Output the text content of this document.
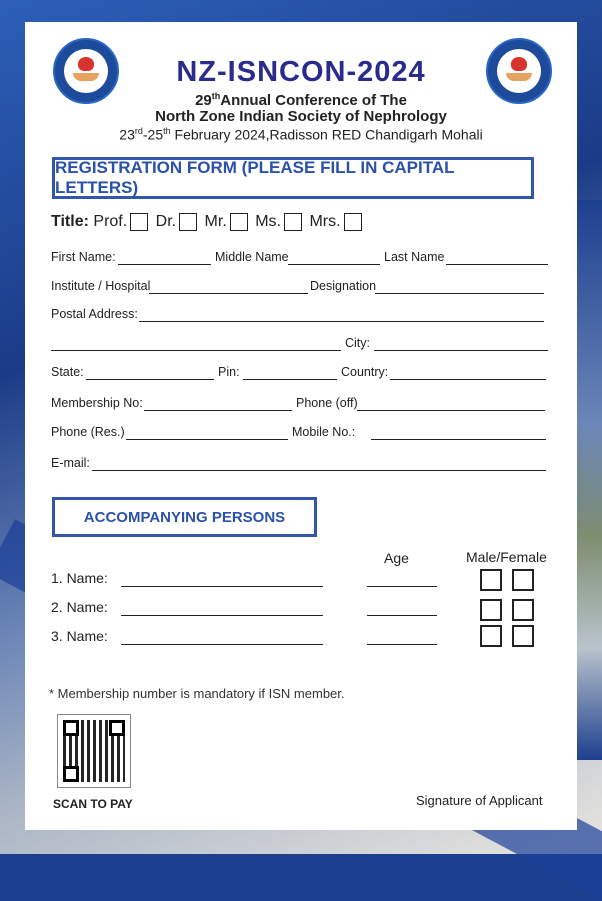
NZ-ISNCON-2024
29thAnnual Conference of The
North Zone Indian Society of Nephrology
23rd-25th February 2024,Radisson RED Chandigarh Mohali
REGISTRATION FORM (PLEASE FILL IN CAPITAL LETTERS)
Title: Prof. Dr. Mr. Ms. Mrs.
First Name:	Middle Name	Last Name
Institute / Hospital	Designation
Postal Address:
City:
State:	Pin:	Country:
Membership No:	Phone (off)
Phone (Res.)	Mobile No.:
E-mail:
ACCOMPANYING PERSONS
Age	Male/Female
1. Name:
2. Name:
3. Name:
* Membership number is mandatory if ISN member.
SCAN TO PAY	Signature of Applicant
